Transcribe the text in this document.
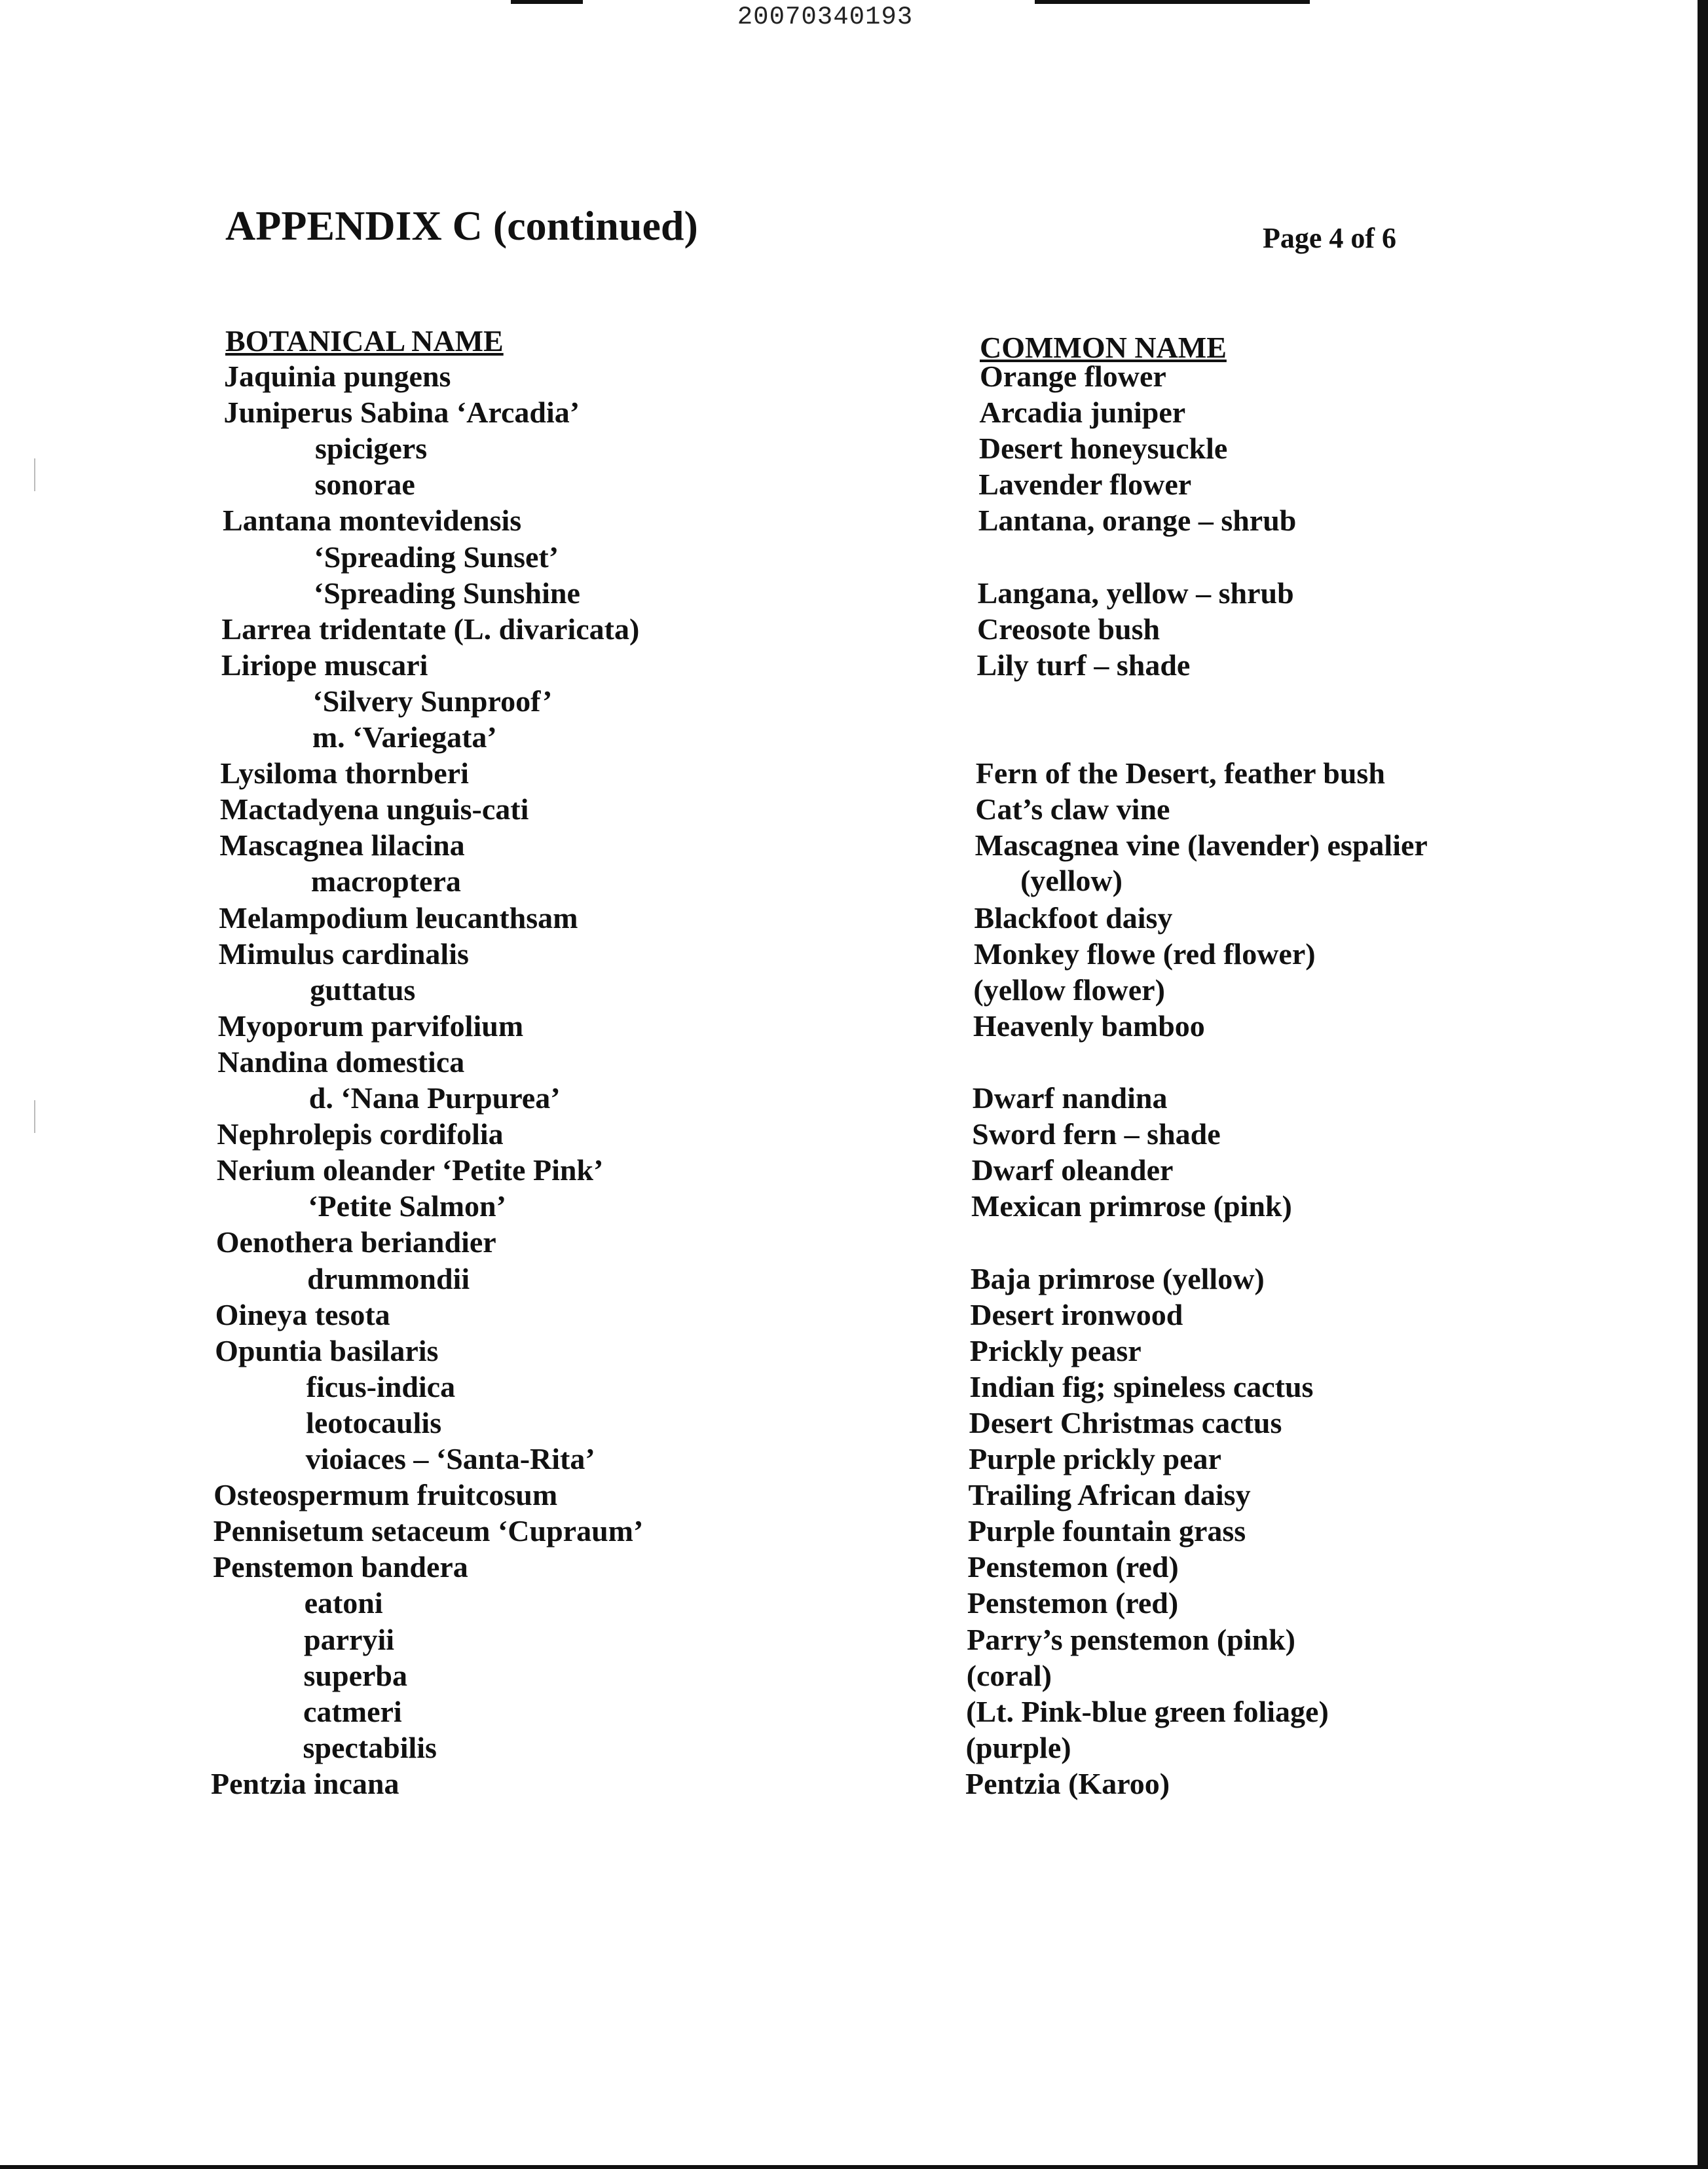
20070340193
APPENDIX C (continued)	Page 4 of 6
BOTANICAL NAME	COMMON NAME
Jaquinia pungens
Juniperus Sabina ‘Arcadia’
spicigers
sonorae
Lantana montevidensis
‘Spreading Sunset’
‘Spreading Sunshine
Larrea tridentate (L. divaricata)
Liriope muscari
‘Silvery Sunproof’
m. ‘Variegata’
Lysiloma thornberi
Mactadyena unguis-cati
Mascagnea lilacina
macroptera
Melampodium leucanthsam
Mimulus cardinalis
guttatus
Myoporum parvifolium
Nandina domestica
d. ‘Nana Purpurea’
Nephrolepis cordifolia
Nerium oleander ‘Petite Pink’
‘Petite Salmon’
Oenothera beriandier
drummondii
Oineya tesota
Opuntia basilaris
ficus-indica
leotocaulis
vioiaces – ‘Santa-Rita’
Osteospermum fruitcosum
Pennisetum setaceum ‘Cupraum’
Penstemon bandera
eatoni
parryii
superba
catmeri
spectabilis
Pentzia incana
Orange flower
Arcadia juniper
Desert honeysuckle
Lavender flower
Lantana, orange – shrub
Langana, yellow – shrub
Creosote bush
Lily turf – shade
Fern of the Desert, feather bush
Cat’s claw vine
Mascagnea vine (lavender) espalier
(yellow)
Blackfoot daisy
Monkey flowe (red flower)
(yellow flower)
Heavenly bamboo
Dwarf nandina
Sword fern – shade
Dwarf oleander
Mexican primrose (pink)
Baja primrose (yellow)
Desert ironwood
Prickly peasr
Indian fig; spineless cactus
Desert Christmas cactus
Purple prickly pear
Trailing African daisy
Purple fountain grass
Penstemon (red)
Penstemon (red)
Parry’s penstemon (pink)
(coral)
(Lt. Pink-blue green foliage)
(purple)
Pentzia (Karoo)
